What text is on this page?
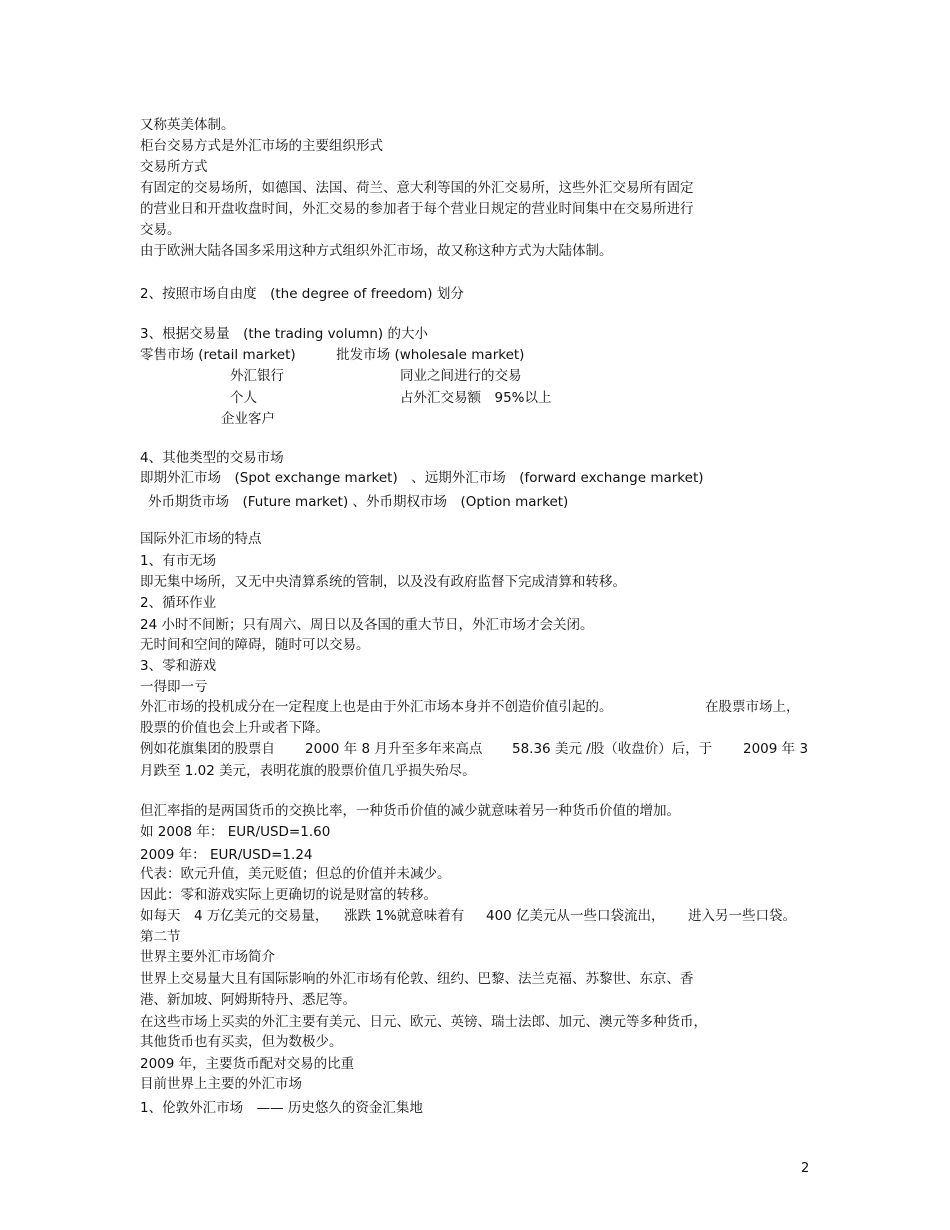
又称英美体制。

柜台交易方式是外汇市场的主要组织形式

交易所方式

有固定的交易场所，如德国、法国、荷兰、意大利等国的外汇交易所，这些外汇交易所有固定

的营业日和开盘收盘时间，外汇交易的参加者于每个营业日规定的营业时间集中在交易所进行

交易。

由于欧洲大陆各国多采用这种方式组织外汇市场，故又称这种方式为大陆体制。

2、按照市场自由度　(the degree of freedom) 划分

3、根据交易量　(the trading volumn) 的大小

零售市场 (retail market)　　　批发市场 (wholesale market)

外汇银行	同业之间进行的交易

个人	占外汇交易额　95%以上

企业客户

4、其他类型的交易市场

即期外汇市场　(Spot exchange market)　、远期外汇市场　(forward exchange market)

外币期货市场　(Future market) 、外币期权市场　(Option market)

国际外汇市场的特点

1、有市无场

即无集中场所，又无中央清算系统的管制，以及没有政府监督下完成清算和转移。

2、循环作业

24 小时不间断；只有周六、周日以及各国的重大节日，外汇市场才会关闭。

无时间和空间的障碍，随时可以交易。

3、零和游戏

一得即一亏

外汇市场的投机成分在一定程度上也是由于外汇市场本身并不创造价值引起的。	在股票市场上，

股票的价值也会上升或者下降。

例如花旗集团的股票自 2000 年 8 月升至多年来高点 58.36 美元 /股（收盘价）后，于 2009 年 3

月跌至 1.02 美元，表明花旗的股票价值几乎损失殆尽。

但汇率指的是两国货币的交换比率，一种货币价值的减少就意味着另一种货币价值的增加。

如 2008 年： EUR/USD=1.60

2009 年： EUR/USD=1.24

代表：欧元升值，美元贬值；但总的价值并未减少。

因此：零和游戏实际上更确切的说是财富的转移。

如每天　4 万亿美元的交易量， 涨跌 1%就意味着有 400 亿美元从一些口袋流出， 进入另一些口袋。

第二节

世界主要外汇市场简介

世界上交易量大且有国际影响的外汇市场有伦敦、纽约、巴黎、法兰克福、苏黎世、东京、香

港、新加坡、阿姆斯特丹、悉尼等。

在这些市场上买卖的外汇主要有美元、日元、欧元、英镑、瑞士法郎、加元、澳元等多种货币，

其他货币也有买卖，但为数极少。

2009 年，主要货币配对交易的比重

目前世界上主要的外汇市场

1、伦敦外汇市场　—— 历史悠久的资金汇集地

2
